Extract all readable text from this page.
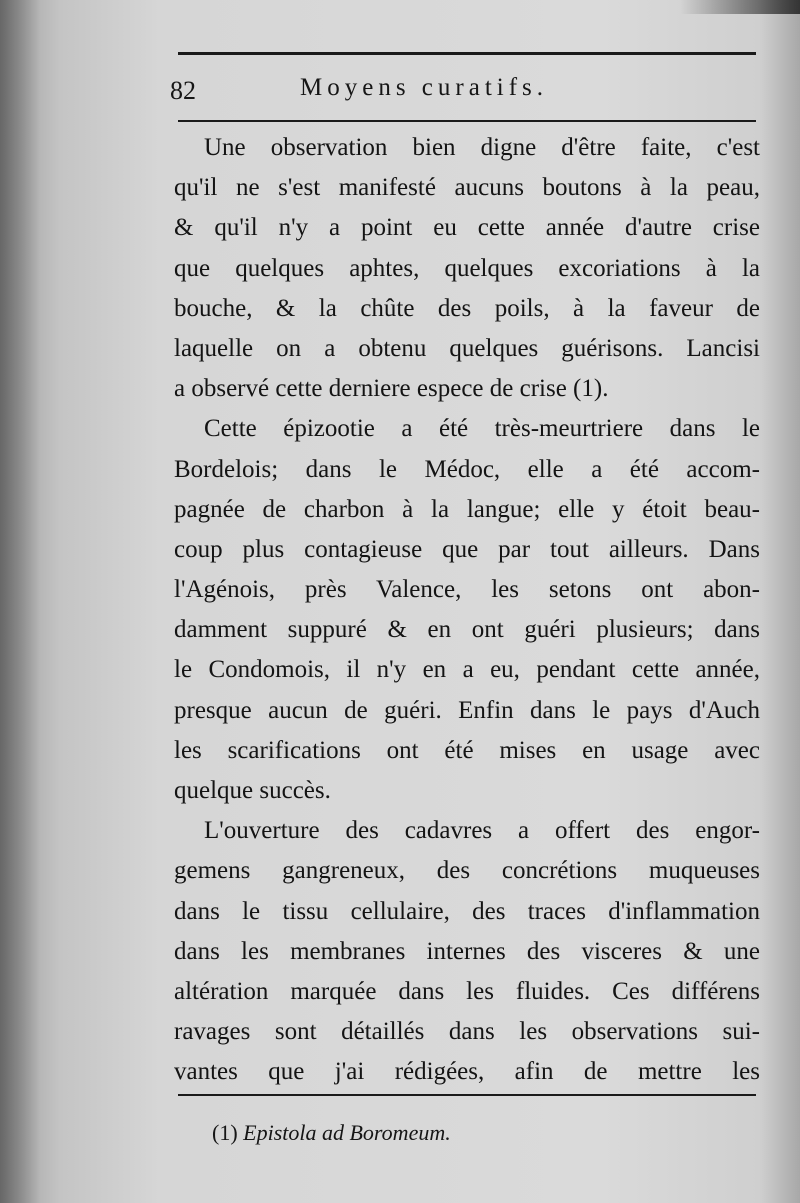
82	Moyens curatifs.
Une observation bien digne d'être faite, c'est
qu'il ne s'est manifesté aucuns boutons à la peau,
& qu'il n'y a point eu cette année d'autre crise
que quelques aphtes, quelques excoriations à la
bouche, & la chûte des poils, à la faveur de
laquelle on a obtenu quelques guérisons. Lancisi
a observé cette derniere espece de crise (1).
Cette épizootie a été très-meurtriere dans le
Bordelois; dans le Médoc, elle a été accom-
pagnée de charbon à la langue; elle y étoit beau-
coup plus contagieuse que par tout ailleurs. Dans
l'Agénois, près Valence, les setons ont abon-
damment suppuré & en ont guéri plusieurs; dans
le Condomois, il n'y en a eu, pendant cette année,
presque aucun de guéri. Enfin dans le pays d'Auch
les scarifications ont été mises en usage avec
quelque succès.
L'ouverture des cadavres a offert des engor-
gemens gangreneux, des concrétions muqueuses
dans le tissu cellulaire, des traces d'inflammation
dans les membranes internes des visceres & une
altération marquée dans les fluides. Ces différens
ravages sont détaillés dans les observations sui-
vantes que j'ai rédigées, afin de mettre les
(1) Epistola ad Boromeum.
